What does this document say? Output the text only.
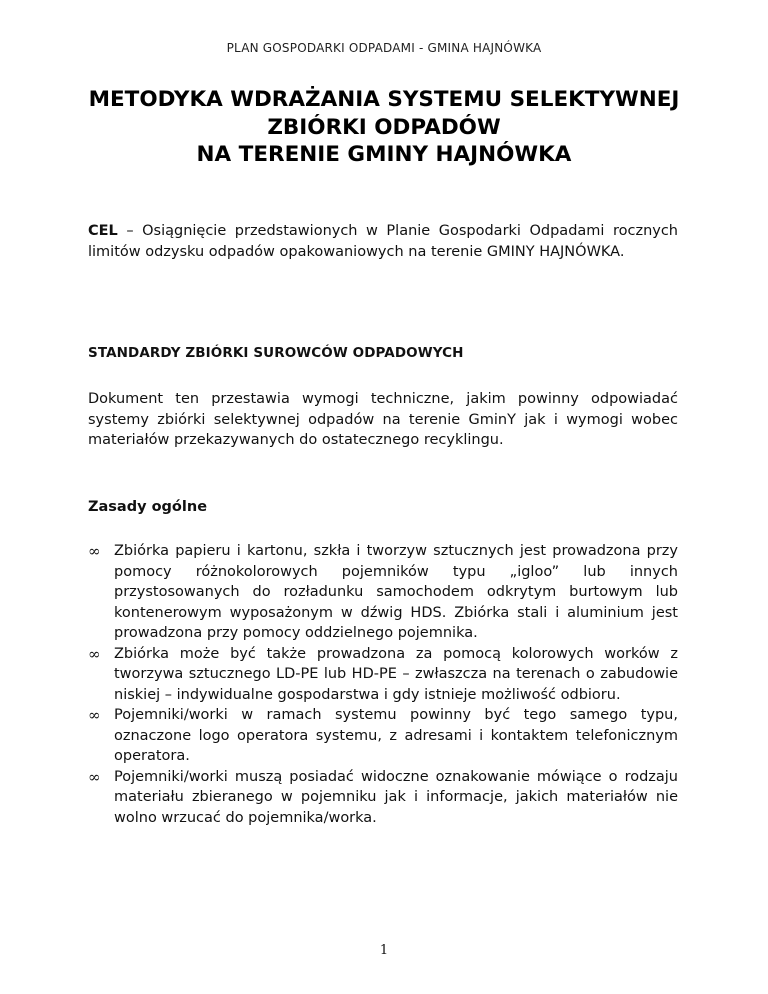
PLAN GOSPODARKI ODPADAMI - GMINA HAJNÓWKA
METODYKA WDRAŻANIA SYSTEMU SELEKTYWNEJ
ZBIÓRKI ODPADÓW
NA TERENIE GMINY HAJNÓWKA

CEL – Osiągnięcie przedstawionych w Planie Gospodarki Odpadami rocznych limitów odzysku odpadów opakowaniowych na terenie GMINY HAJNÓWKA.

STANDARDY ZBIÓRKI SUROWCÓW ODPADOWYCH

Dokument ten przestawia wymogi techniczne, jakim powinny odpowiadać systemy zbiórki selektywnej odpadów na terenie GminY jak i wymogi wobec materiałów przekazywanych do ostatecznego recyklingu.

Zasady ogólne
∞ Zbiórka papieru i kartonu, szkła i tworzyw sztucznych jest prowadzona przy pomocy różnokolorowych pojemników typu „igloo” lub innych przystosowanych do rozładunku samochodem odkrytym burtowym lub kontenerowym wyposażonym w dźwig HDS. Zbiórka stali i aluminium jest prowadzona przy pomocy oddzielnego pojemnika.
∞ Zbiórka może być także prowadzona za pomocą kolorowych worków z tworzywa sztucznego LD-PE lub HD-PE – zwłaszcza na terenach o zabudowie niskiej – indywidualne gospodarstwa i gdy istnieje możliwość odbioru.
∞ Pojemniki/worki w ramach systemu powinny być tego samego typu, oznaczone logo operatora systemu, z adresami i kontaktem telefonicznym operatora.
∞ Pojemniki/worki muszą posiadać widoczne oznakowanie mówiące o rodzaju materiału zbieranego w pojemniku jak i informacje, jakich materiałów nie wolno wrzucać do pojemnika/worka.
1
